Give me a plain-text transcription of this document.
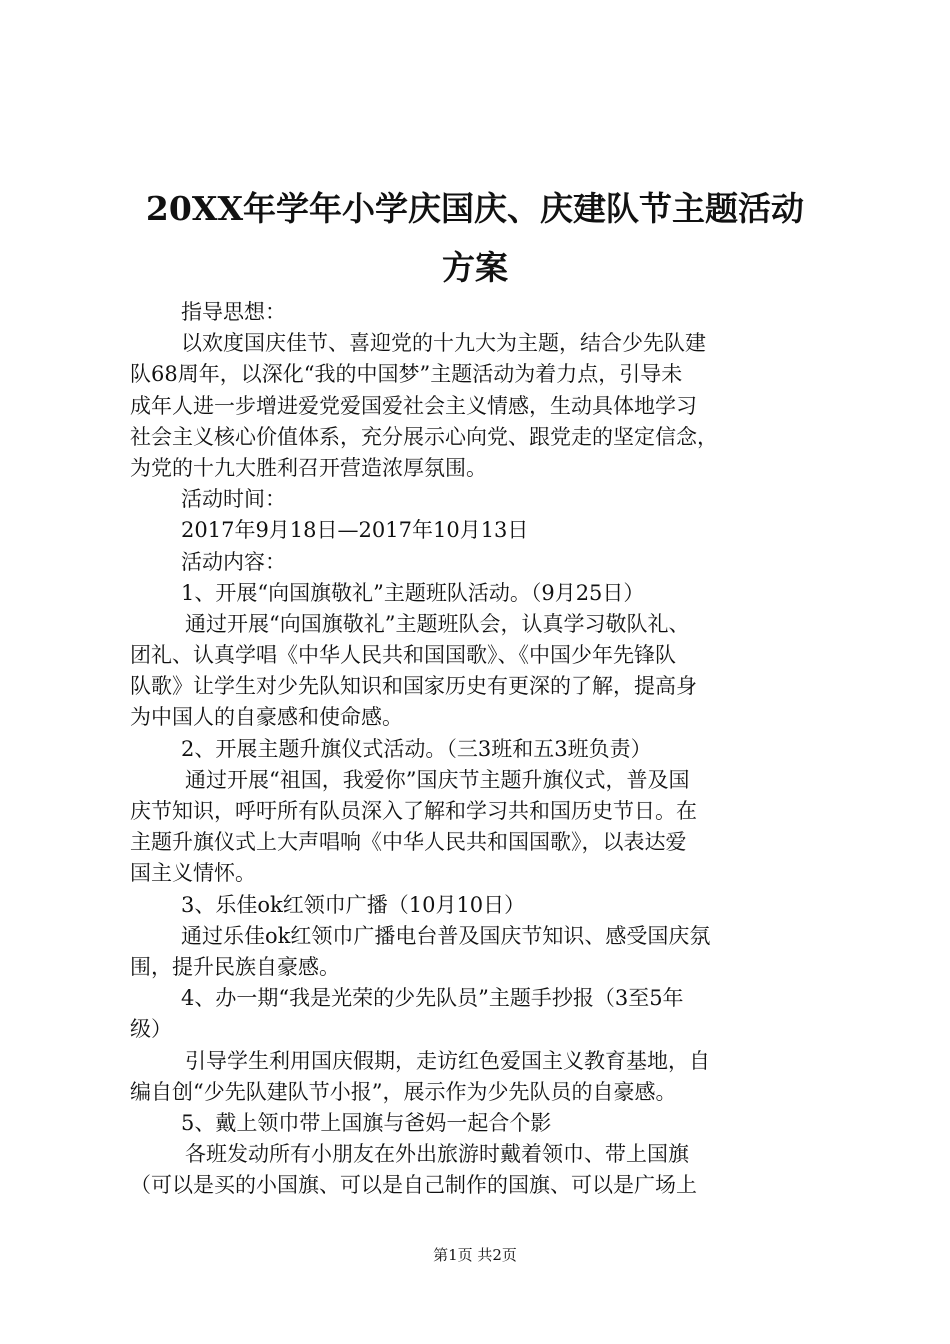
20XX年学年小学庆国庆、庆建队节主题活动
方案
指导思想：
以欢度国庆佳节、喜迎党的十九大为主题，结合少先队建
队68周年，以深化“我的中国梦”主题活动为着力点，引导未
成年人进一步增进爱党爱国爱社会主义情感，生动具体地学习
社会主义核心价值体系，充分展示心向党、跟党走的坚定信念，
为党的十九大胜利召开营造浓厚氛围。
活动时间：
2017年9月18日—2017年10月13日
活动内容：
1、开展“向国旗敬礼”主题班队活动。（9月25日）
通过开展“向国旗敬礼”主题班队会，认真学习敬队礼、
团礼、认真学唱《中华人民共和国国歌》、《中国少年先锋队
队歌》让学生对少先队知识和国家历史有更深的了解，提高身
为中国人的自豪感和使命感。
2、开展主题升旗仪式活动。（三3班和五3班负责）
通过开展“祖国，我爱你”国庆节主题升旗仪式，普及国
庆节知识，呼吁所有队员深入了解和学习共和国历史节日。在
主题升旗仪式上大声唱响《中华人民共和国国歌》，以表达爱
国主义情怀。
3、乐佳ok红领巾广播（10月10日）
通过乐佳ok红领巾广播电台普及国庆节知识、感受国庆氛
围，提升民族自豪感。
4、办一期“我是光荣的少先队员”主题手抄报（3至5年
级）
引导学生利用国庆假期，走访红色爱国主义教育基地，自
编自创“少先队建队节小报”，展示作为少先队员的自豪感。
5、戴上领巾带上国旗与爸妈一起合个影
各班发动所有小朋友在外出旅游时戴着领巾、带上国旗
（可以是买的小国旗、可以是自己制作的国旗、可以是广场上
第1页 共2页
